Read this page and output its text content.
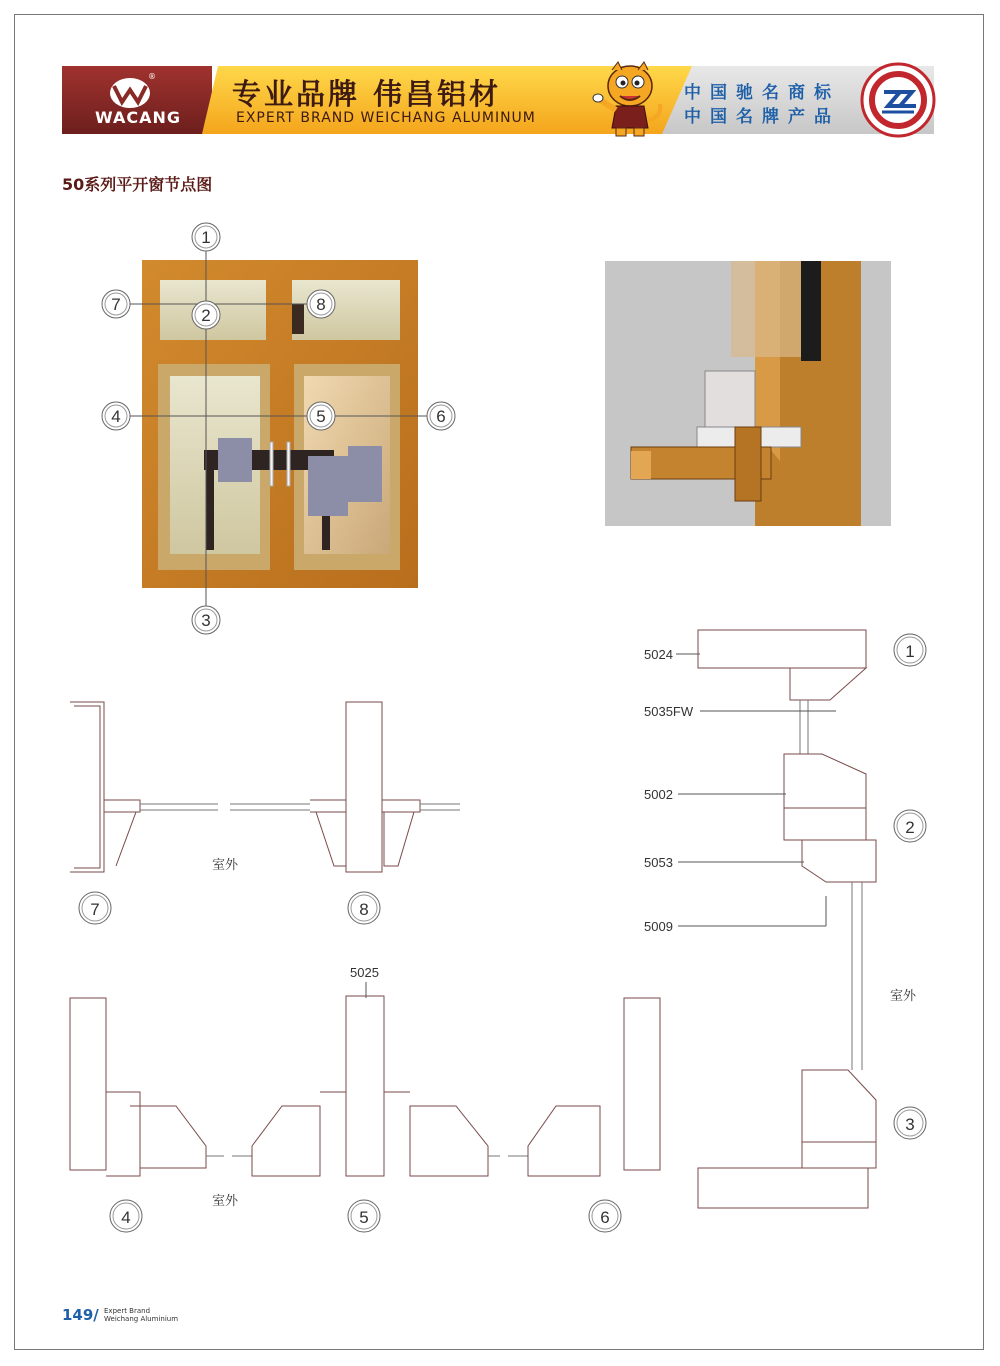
®
WACANG
专业品牌 伟昌铝材
EXPERT BRAND WEICHANG ALUMINUM
中国驰名商标
中国名牌产品
50系列平开窗节点图
1
2
3
4	5	6
7	8
7	8
4	5	6
1
2
3
室外
室外
室外
5024
5035FW
5002
5053
5009
5025
149/ Expert Brand
Weichang Aluminium
